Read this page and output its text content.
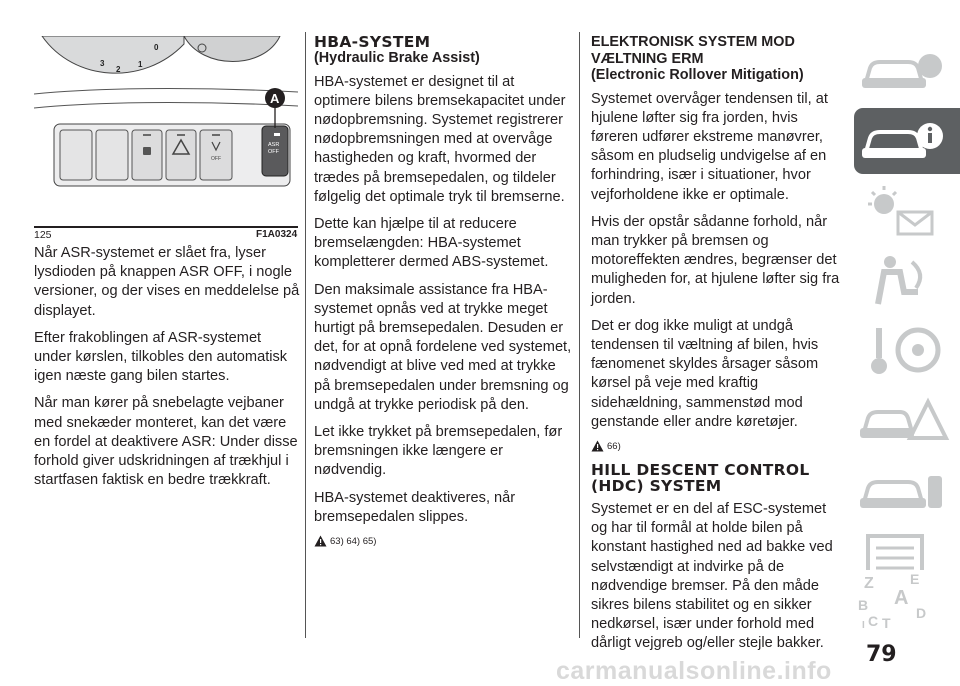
3
2
1
0
OFF
ASR
OFF
A
125	F1A0324

Når ASR-systemet er slået fra, lyser lysdioden på knappen ASR OFF, i nogle versioner, og der vises en meddelelse på displayet.

Efter frakoblingen af ASR-systemet under kørslen, tilkobles den automatisk igen næste gang bilen startes.

Når man kører på snebelagte vejbaner med snekæder monteret, kan det være en fordel at deaktivere ASR: Under disse forhold giver udskridningen af trækhjul i startfasen faktisk en bedre trækkraft.

HBA-SYSTEM
(Hydraulic Brake Assist)

HBA-systemet er designet til at optimere bilens bremsekapacitet under nødopbremsning. Systemet registrerer nødopbremsningen med at overvåge hastigheden og kraft, hvormed der trædes på bremsepedalen, og tildeler følgelig det optimale tryk til bremserne.

Dette kan hjælpe til at reducere bremselængden: HBA-systemet kompletterer dermed ABS-systemet.

Den maksimale assistance fra HBA-systemet opnås ved at trykke meget hurtigt på bremsepedalen. Desuden er det, for at opnå fordelene ved systemet, nødvendigt at blive ved med at trykke på bremsepedalen under bremsning og undgå at trykke periodisk på den.

Let ikke trykket på bremsepedalen, før bremsningen ikke længere er nødvendig.

HBA-systemet deaktiveres, når bremsepedalen slippes.

63) 64) 65)
ELEKTRONISK SYSTEM MOD VÆLTNING ERM
(Electronic Rollover Mitigation)

Systemet overvåger tendensen til, at hjulene løfter sig fra jorden, hvis føreren udfører ekstreme manøvrer, såsom en pludselig undvigelse af en forhindring, især i situationer, hvor vejforholdene ikke er optimale.

Hvis der opstår sådanne forhold, når man trykker på bremsen og motoreffekten ændres, begrænser det muligheden for, at hjulene løfter sig fra jorden.

Det er dog ikke muligt at undgå tendensen til væltning af bilen, hvis fænomenet skyldes årsager såsom kørsel på veje med kraftig sidehældning, sammenstød mod genstande eller andre køretøjer.

66)
HILL DESCENT CONTROL (HDC) SYSTEM

Systemet er en del af ESC-systemet og har til formål at holde bilen på konstant hastighed ned ad bakke ved selvstændigt at indvirke på de nødvendige bremser. På den måde sikres bilens stabilitet og en sikker nedkørsel, især under forhold med dårligt vejgreb og/eller stejle bakker.

Z	E
A
B
C T
D
I
79
carmanualsonline.info
